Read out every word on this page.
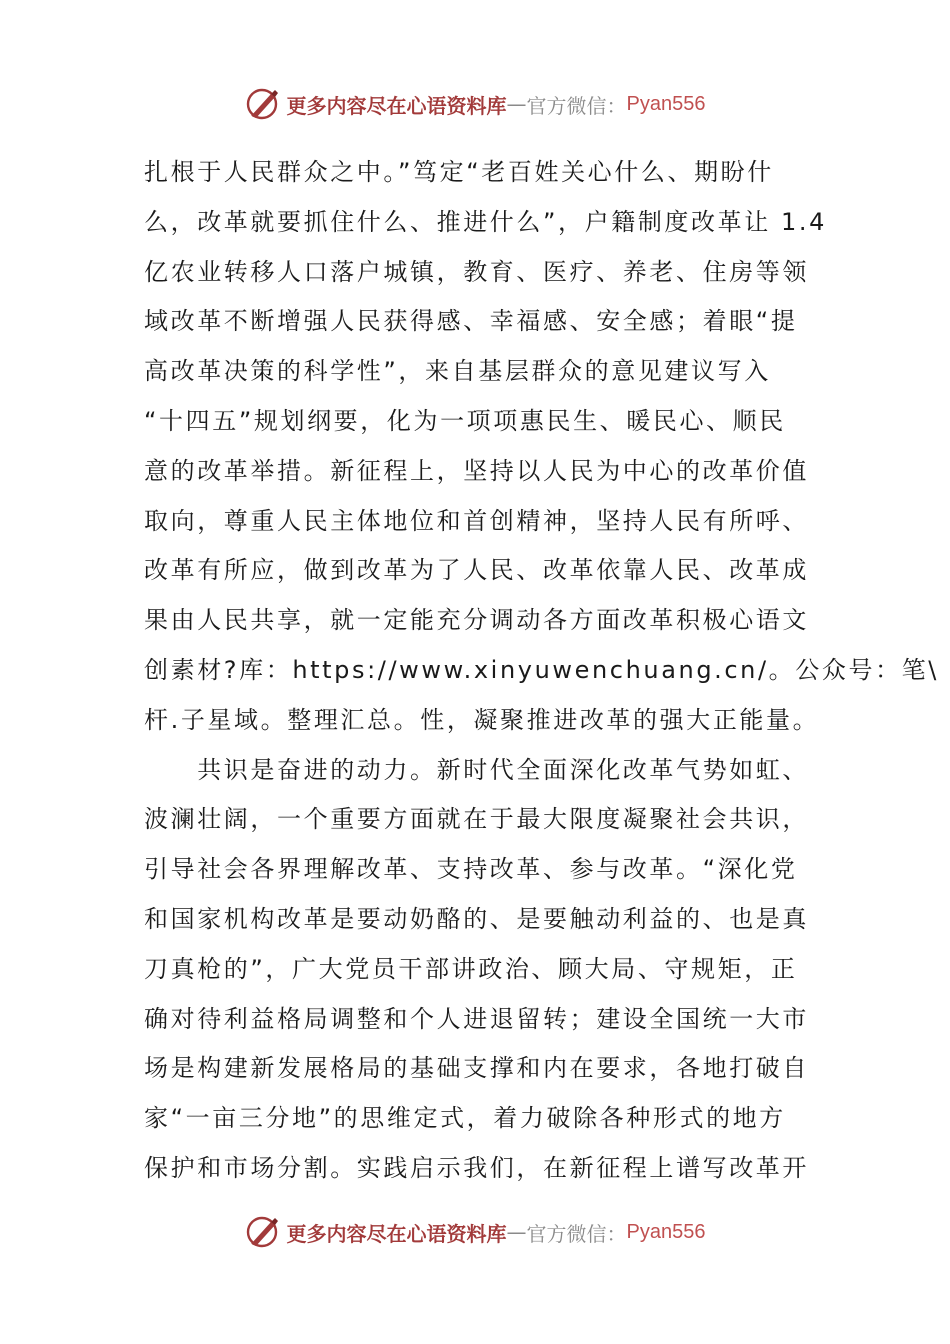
更多内容尽在心语资料库 — 官方微信： Pyan556
扎根于人民群众之中。”笃定“老百姓关心什么、期盼什
么，改革就要抓住什么、推进什么”，户籍制度改革让 1.4
亿农业转移人口落户城镇，教育、医疗、养老、住房等领
域改革不断增强人民获得感、幸福感、安全感；着眼“提
高改革决策的科学性”，来自基层群众的意见建议写入
“十四五”规划纲要，化为一项项惠民生、暖民心、顺民
意的改革举措。新征程上，坚持以人民为中心的改革价值
取向，尊重人民主体地位和首创精神，坚持人民有所呼、
改革有所应，做到改革为了人民、改革依靠人民、改革成
果由人民共享，就一定能充分调动各方面改革积极心语文
创素材?库：https://www.xinyuwenchuang.cn/。公众号：笔\
杆.子星域。整理汇总。性，凝聚推进改革的强大正能量。
　　共识是奋进的动力。新时代全面深化改革气势如虹、
波澜壮阔，一个重要方面就在于最大限度凝聚社会共识，
引导社会各界理解改革、支持改革、参与改革。“深化党
和国家机构改革是要动奶酪的、是要触动利益的、也是真
刀真枪的”，广大党员干部讲政治、顾大局、守规矩，正
确对待利益格局调整和个人进退留转；建设全国统一大市
场是构建新发展格局的基础支撑和内在要求，各地打破自
家“一亩三分地”的思维定式，着力破除各种形式的地方
保护和市场分割。实践启示我们，在新征程上谱写改革开
更多内容尽在心语资料库 — 官方微信： Pyan556
